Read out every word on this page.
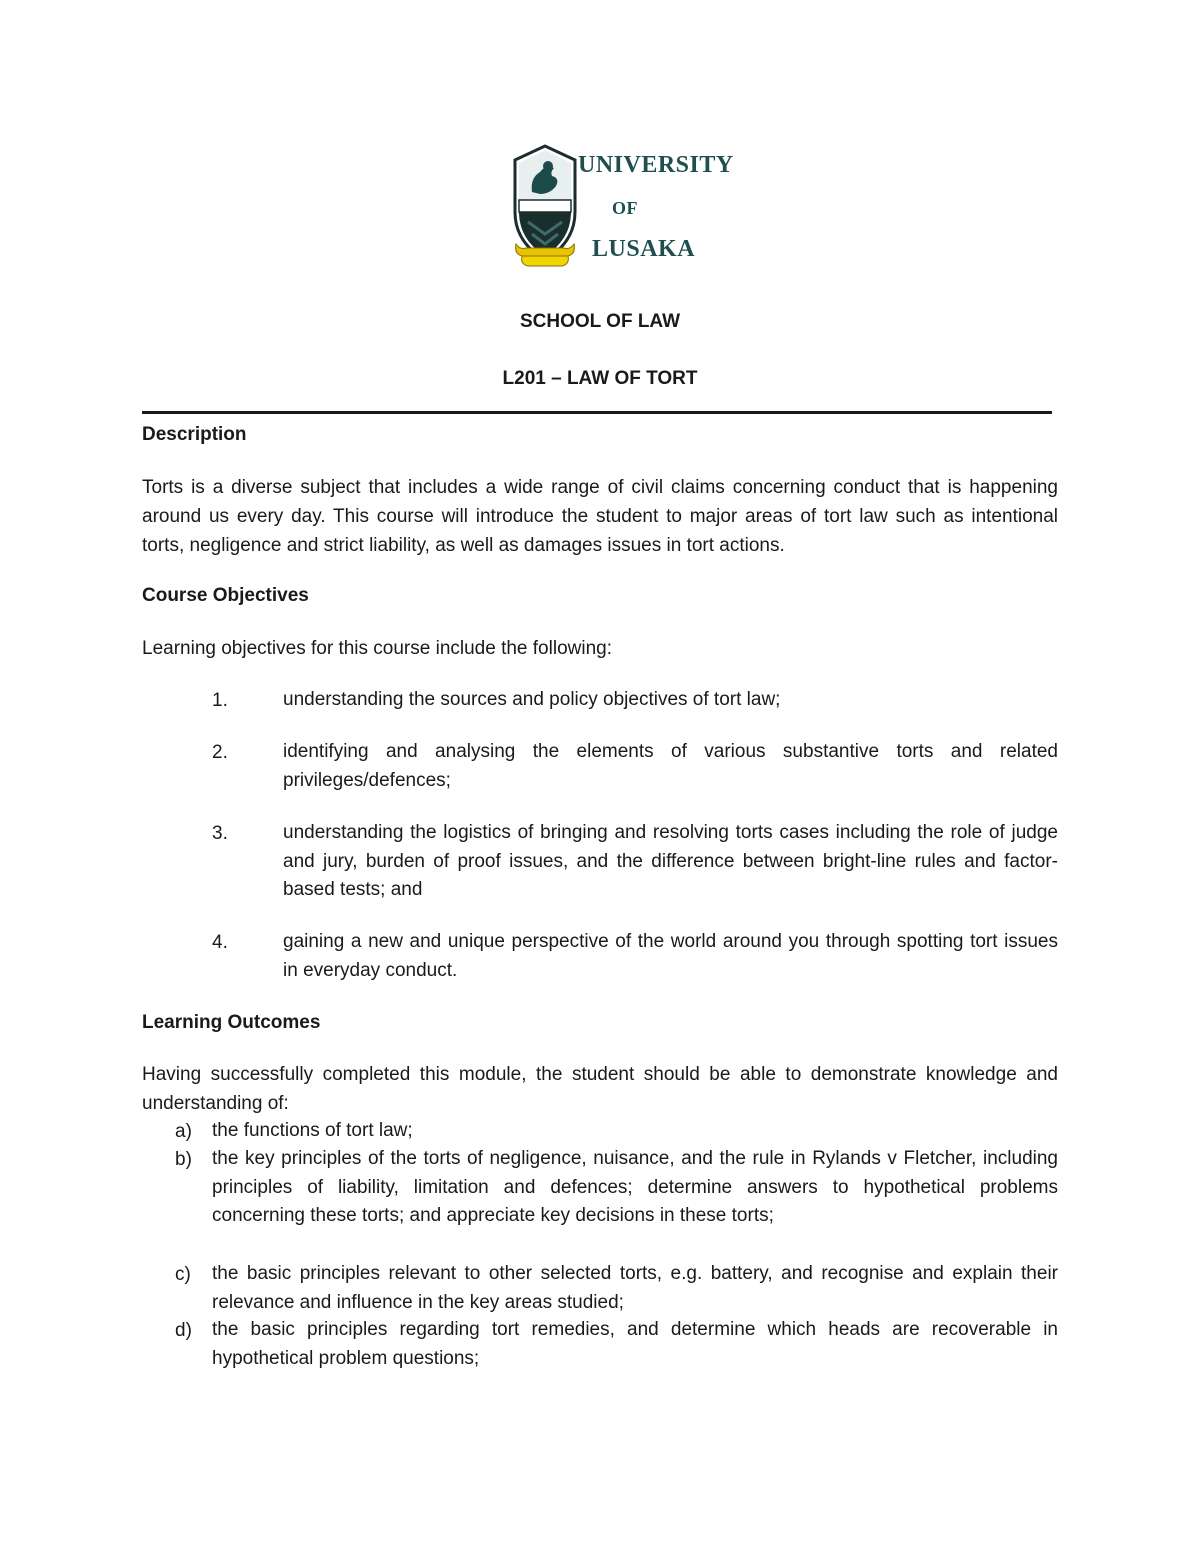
UNIVERSITY
OF
LUSAKA
SCHOOL OF LAW
L201 – LAW OF TORT
Description
Torts is a diverse subject that includes a wide range of civil claims concerning conduct that is happening around us every day. This course will introduce the student to major areas of tort law such as intentional torts, negligence and strict liability, as well as damages issues in tort actions.
Course Objectives
Learning objectives for this course include the following:
1.	understanding the sources and policy objectives of tort law;
2.	identifying and analysing the elements of various substantive torts and related privileges/defences;
3.	understanding the logistics of bringing and resolving torts cases including the role of judge and jury, burden of proof issues, and the difference between bright-line rules and factor-based tests; and
4.	gaining a new and unique perspective of the world around you through spotting tort issues in everyday conduct.
Learning Outcomes
Having successfully completed this module, the student should be able to demonstrate knowledge and understanding of:
a) the functions of tort law;
b) the key principles of the torts of negligence, nuisance, and the rule in Rylands v Fletcher, including principles of liability, limitation and defences; determine answers to hypothetical problems concerning these torts; and appreciate key decisions in these torts;
c) the basic principles relevant to other selected torts, e.g. battery, and recognise and explain their relevance and influence in the key areas studied;
d) the basic principles regarding tort remedies, and determine which heads are recoverable in hypothetical problem questions;
